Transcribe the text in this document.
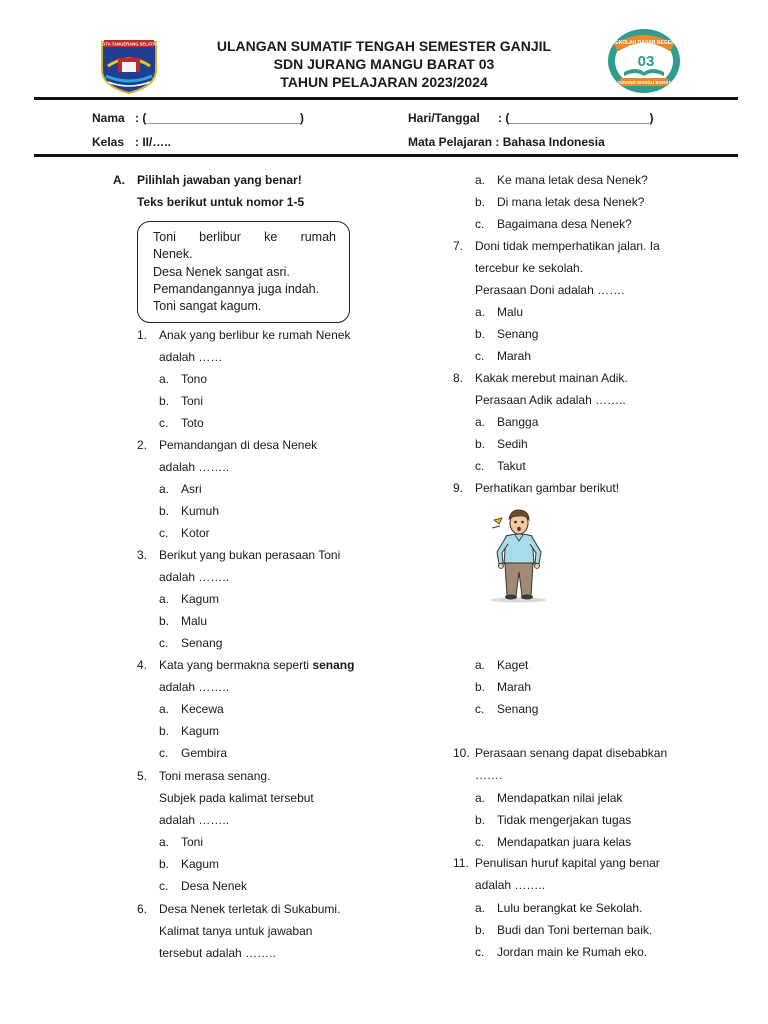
KOTA TANGERANG SELATAN	ULANGAN SUMATIF TENGAH SEMESTER GANJIL
SDN JURANG MANGU BARAT 03
TAHUN PELAJARAN 2023/2024
SEKOLAH DASAR NEGERI
03
JURANG MANGU BARAT
Nama : (_______________________)
Kelas : II/…..
Hari/Tanggal : (_____________________)
Mata Pelajaran : Bahasa Indonesia
A. Pilihlah jawaban yang benar!
Teks berikut untuk nomor 1-5
Toni berlibur ke rumah
Nenek.
Desa Nenek sangat asri.
Pemandangannya juga indah.
Toni sangat kagum.
1. Anak yang berlibur ke rumah Nenek
adalah ……
a. Tono
b. Toni
c. Toto
2. Pemandangan di desa Nenek
adalah ……..
a. Asri
b. Kumuh
c. Kotor
3. Berikut yang bukan perasaan Toni
adalah ……..
a. Kagum
b. Malu
c. Senang
4. Kata yang bermakna seperti senang
adalah ……..
a. Kecewa
b. Kagum
c. Gembira
5. Toni merasa senang.
Subjek pada kalimat tersebut
adalah ……..
a. Toni
b. Kagum
c. Desa Nenek
6. Desa Nenek terletak di Sukabumi.
Kalimat tanya untuk jawaban
tersebut adalah ……..
a. Ke mana letak desa Nenek?
b. Di mana letak desa Nenek?
c. Bagaimana desa Nenek?
7. Doni tidak memperhatikan jalan. Ia
tercebur ke sekolah.
Perasaan Doni adalah …….
a. Malu
b. Senang
c. Marah
8. Kakak merebut mainan Adik.
Perasaan Adik adalah ……..
a. Bangga
b. Sedih
c. Takut
9. Perhatikan gambar berikut!
a. Kaget
b. Marah
c. Senang
10. Perasaan senang dapat disebabkan
…….
a. Mendapatkan nilai jelak
b. Tidak mengerjakan tugas
c. Mendapatkan juara kelas
11. Penulisan huruf kapital yang benar
adalah ……..
a. Lulu berangkat ke Sekolah.
b. Budi dan Toni berteman baik.
c. Jordan main ke Rumah eko.
